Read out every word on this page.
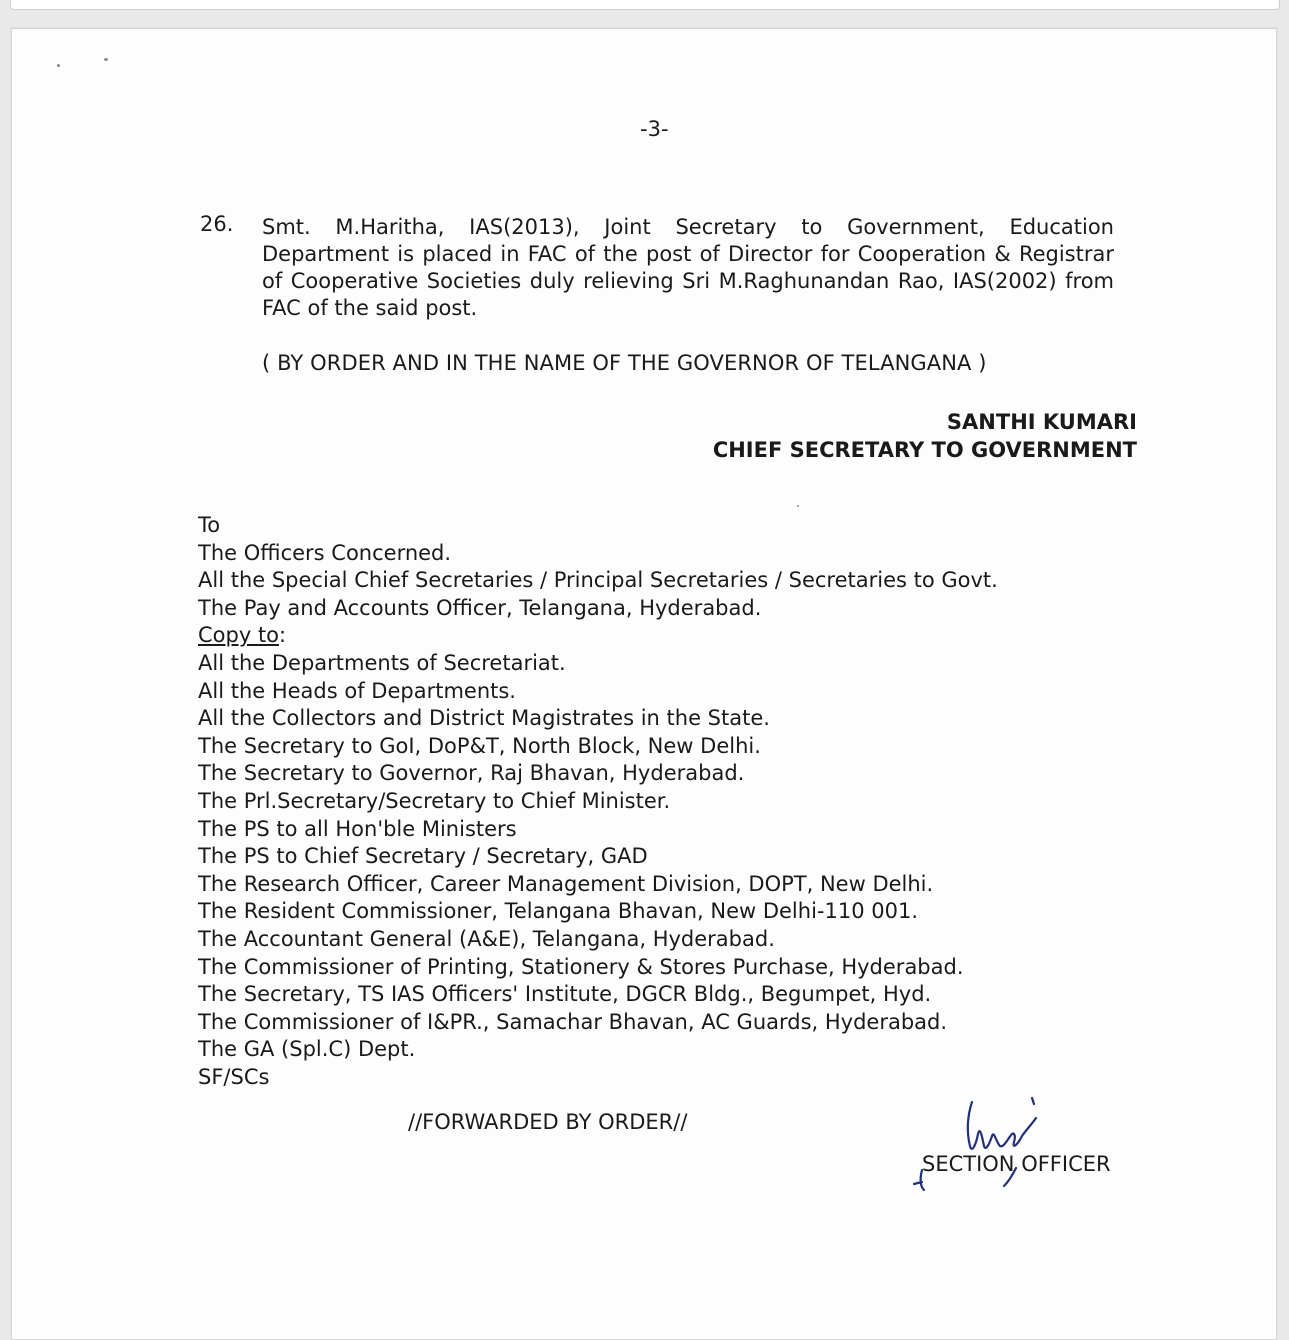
-3-
26. Smt. M.Haritha, IAS(2013), Joint Secretary to Government, Education Department is placed in FAC of the post of Director for Cooperation & Registrar of Cooperative Societies duly relieving Sri M.Raghunandan Rao, IAS(2002) from FAC of the said post.
( BY ORDER AND IN THE NAME OF THE GOVERNOR OF TELANGANA )
SANTHI KUMARI
CHIEF SECRETARY TO GOVERNMENT
To
The Officers Concerned.
All the Special Chief Secretaries / Principal Secretaries / Secretaries to Govt.
The Pay and Accounts Officer, Telangana, Hyderabad.
Copy to:
All the Departments of Secretariat.
All the Heads of Departments.
All the Collectors and District Magistrates in the State.
The Secretary to GoI, DoP&T, North Block, New Delhi.
The Secretary to Governor, Raj Bhavan, Hyderabad.
The Prl.Secretary/Secretary to Chief Minister.
The PS to all Hon'ble Ministers
The PS to Chief Secretary / Secretary, GAD
The Research Officer, Career Management Division, DOPT, New Delhi.
The Resident Commissioner, Telangana Bhavan, New Delhi-110 001.
The Accountant General (A&E), Telangana, Hyderabad.
The Commissioner of Printing, Stationery & Stores Purchase, Hyderabad.
The Secretary, TS IAS Officers' Institute, DGCR Bldg., Begumpet, Hyd.
The Commissioner of I&PR., Samachar Bhavan, AC Guards, Hyderabad.
The GA (Spl.C) Dept.
SF/SCs
//FORWARDED BY ORDER//
SECTION OFFICER
